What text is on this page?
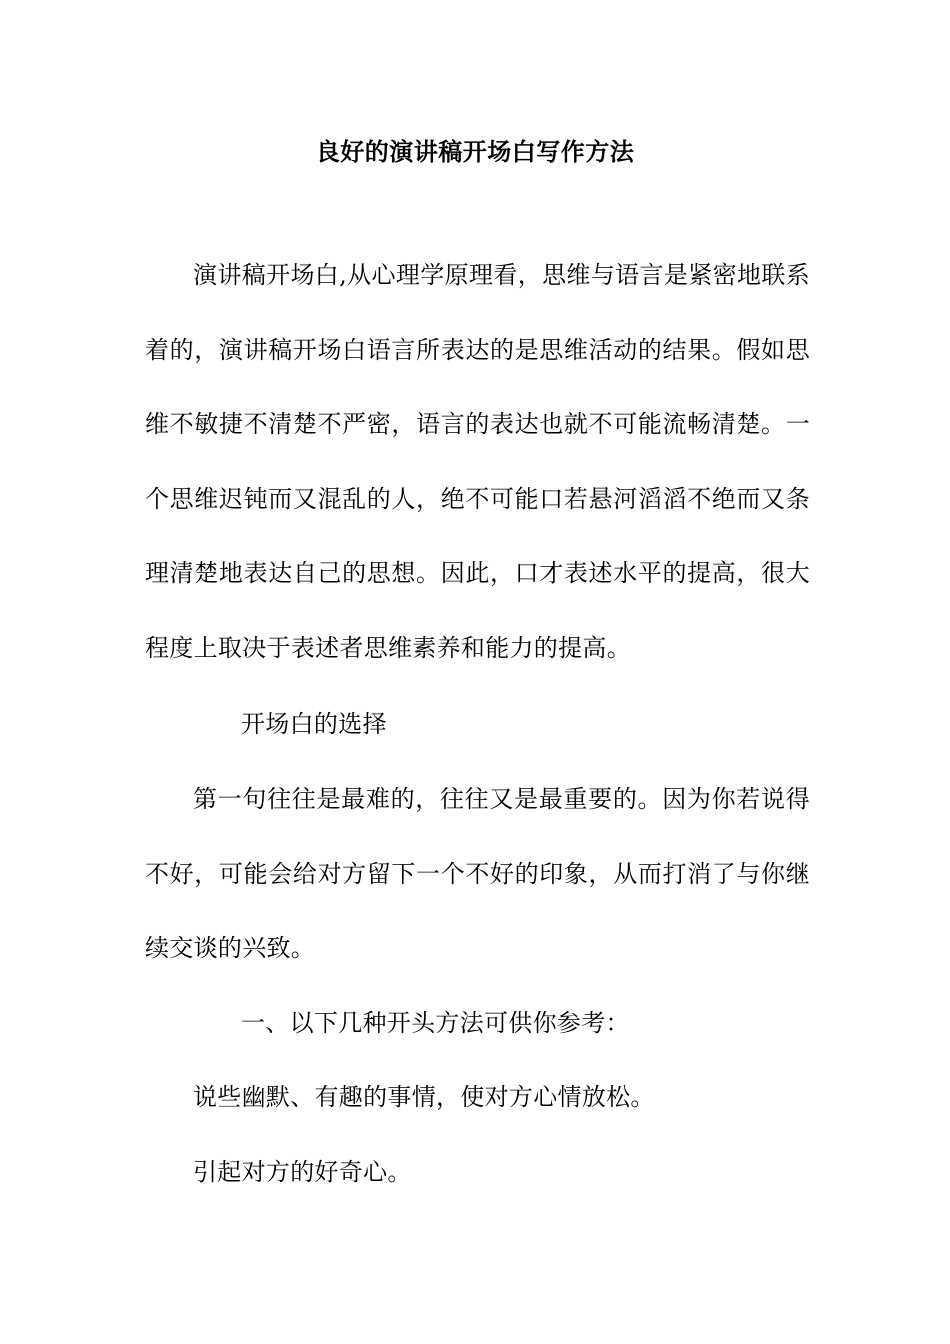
良好的演讲稿开场白写作方法

演讲稿开场白,从心理学原理看，思维与语言是紧密地联系着的，演讲稿开场白语言所表达的是思维活动的结果。假如思维不敏捷不清楚不严密，语言的表达也就不可能流畅清楚。一个思维迟钝而又混乱的人，绝不可能口若悬河滔滔不绝而又条理清楚地表达自己的思想。因此，口才表述水平的提高，很大程度上取决于表述者思维素养和能力的提高。

开场白的选择

第一句往往是最难的，往往又是最重要的。因为你若说得不好，可能会给对方留下一个不好的印象，从而打消了与你继续交谈的兴致。

一、以下几种开头方法可供你参考：

说些幽默、有趣的事情，使对方心情放松。

引起对方的好奇心。
